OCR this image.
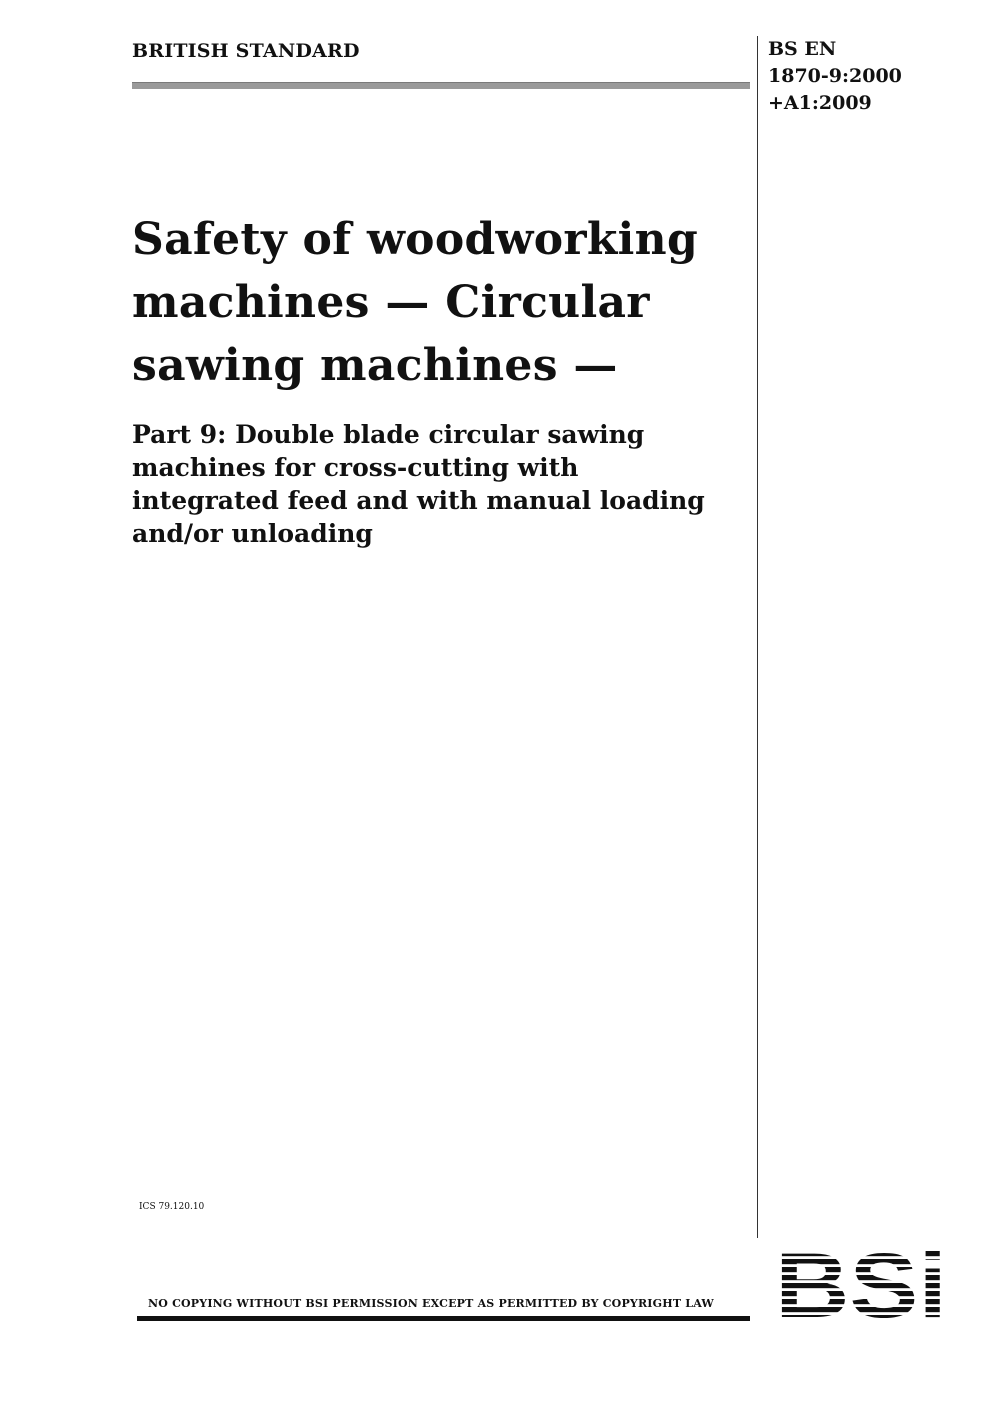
BRITISH STANDARD	BS EN
1870-9:2000
+A1:2009
Safety of woodworking
machines — Circular
sawing machines —
Part 9: Double blade circular sawing
machines for cross-cutting with
integrated feed and with manual loading
and/or unloading
ICS 79.120.10
NO COPYING WITHOUT BSI PERMISSION EXCEPT AS PERMITTED BY COPYRIGHT LAW
